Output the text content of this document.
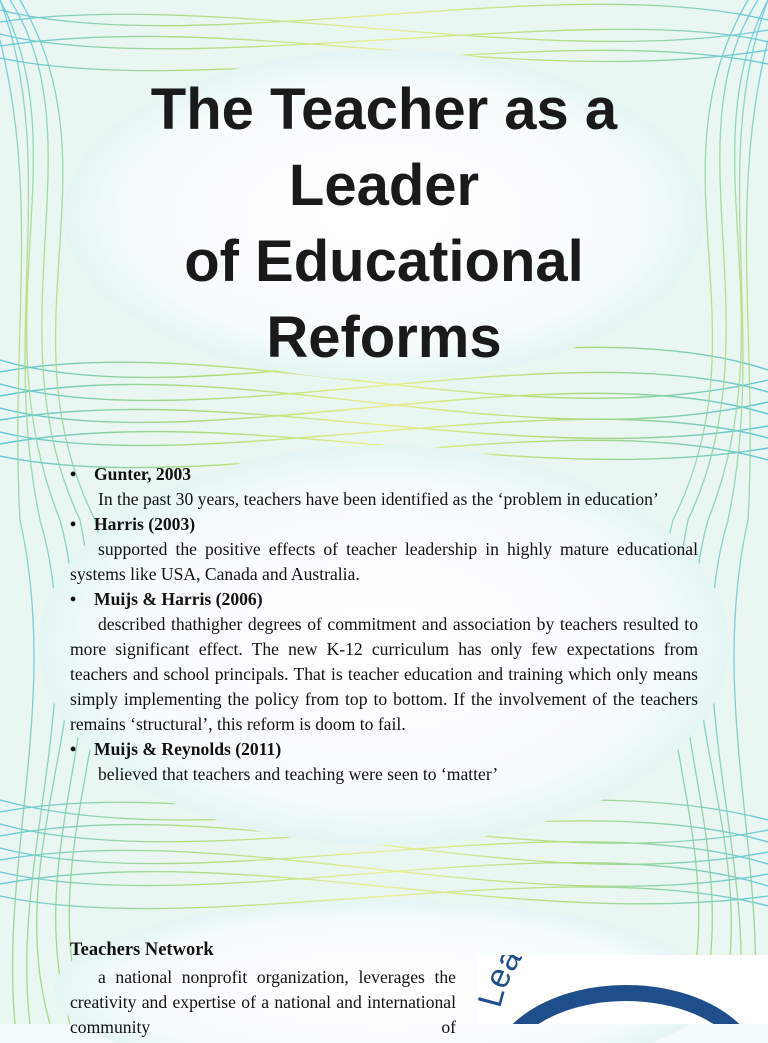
The Teacher as a
Leader
of Educational
Reforms
•	Gunter, 2003
In the past 30 years, teachers have been identified as the ‘problem in education’
•	Harris (2003)
supported the positive effects of teacher leadership in highly mature educational systems like USA, Canada and Australia.
•	Muijs & Harris (2006)
described thathigher degrees of commitment and association by teachers resulted to more significant effect. The new K-12 curriculum has only few expectations from teachers and school principals. That is teacher education and training which only means simply implementing the policy from top to bottom. If the involvement of the teachers remains ‘structural’, this reform is doom to fail.
•	Muijs & Reynolds (2011)
believed that teachers and teaching were seen to ‘matter’
Teachers Network
a national nonprofit organization, leverages the creativity and expertise of a national and international community of
ea
